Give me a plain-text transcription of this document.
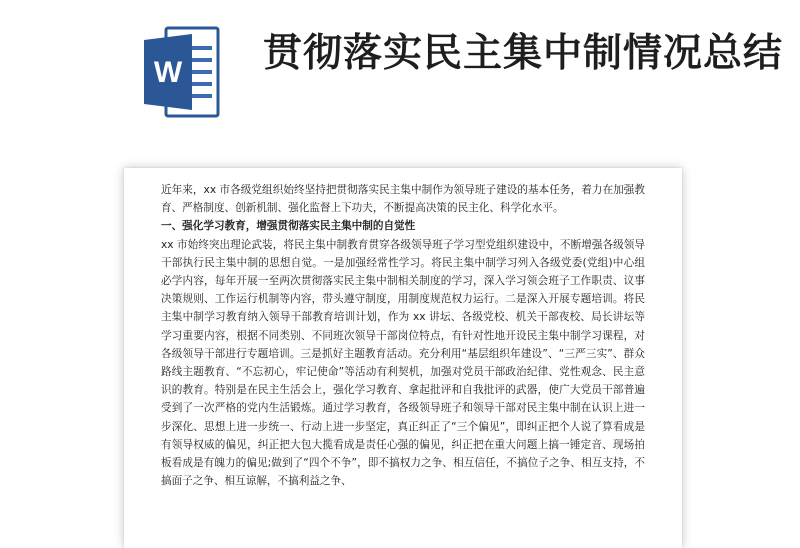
W 贯彻落实民主集中制情况总结

近年来，xx 市各级党组织始终坚持把贯彻落实民主集中制作为领导班子建设的基本任务，着力在加强教育、严格制度、创新机制、强化监督上下功夫，不断提高决策的民主化、科学化水平。

一、强化学习教育，增强贯彻落实民主集中制的自觉性

xx 市始终突出理论武装，将民主集中制教育贯穿各级领导班子学习型党组织建设中，不断增强各级领导干部执行民主集中制的思想自觉。一是加强经常性学习。将民主集中制学习列入各级党委(党组)中心组必学内容，每年开展一至两次贯彻落实民主集中制相关制度的学习，深入学习领会班子工作职责、议事决策规则、工作运行机制等内容，带头遵守制度，用制度规范权力运行。二是深入开展专题培训。将民主集中制学习教育纳入领导干部教育培训计划，作为 xx 讲坛、各级党校、机关干部夜校、局长讲坛等学习重要内容，根据不同类别、不同班次领导干部岗位特点，有针对性地开设民主集中制学习课程，对各级领导干部进行专题培训。三是抓好主题教育活动。充分利用“基层组织年建设”、“三严三实”、群众路线主题教育、“不忘初心，牢记使命”等活动有利契机，加强对党员干部政治纪律、党性观念、民主意识的教育。特别是在民主生活会上，强化学习教育、拿起批评和自我批评的武器，使广大党员干部普遍受到了一次严格的党内生活锻炼。通过学习教育，各级领导班子和领导干部对民主集中制在认识上进一步深化、思想上进一步统一、行动上进一步坚定，真正纠正了“三个偏见”，即纠正把个人说了算看成是有领导权威的偏见，纠正把大包大揽看成是责任心强的偏见，纠正把在重大问题上搞一锤定音、现场拍板看成是有魄力的偏见;做到了“四个不争”，即不搞权力之争、相互信任，不搞位子之争、相互支持，不搞面子之争、相互谅解，不搞利益之争、
